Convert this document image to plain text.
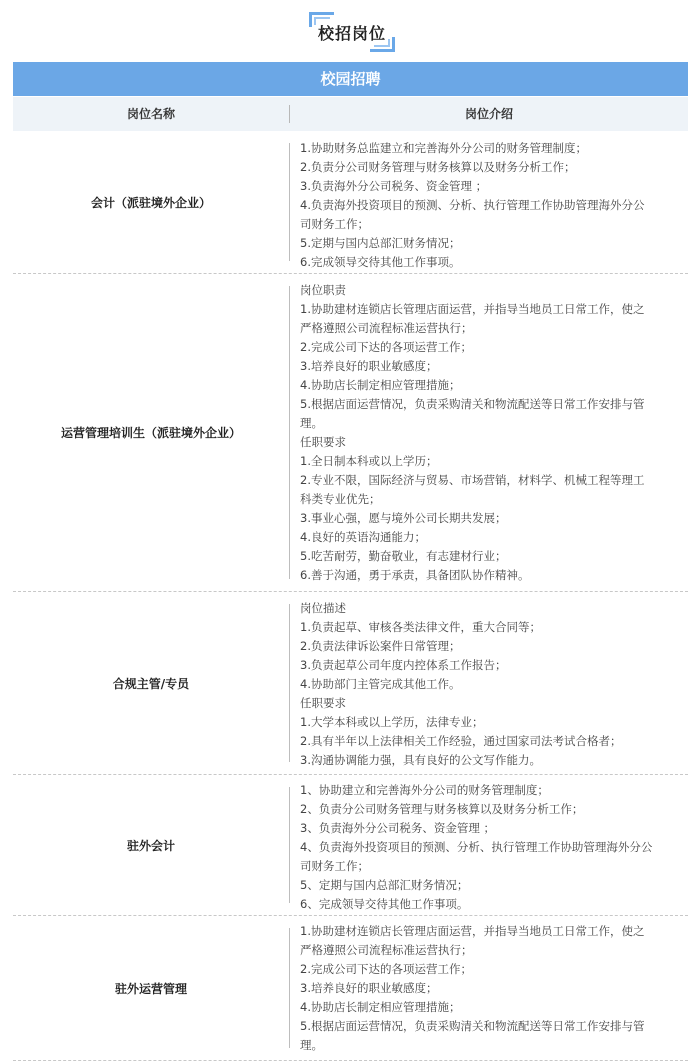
校招岗位
校园招聘
岗位名称	岗位介绍
会计（派驻境外企业）
1.协助财务总监建立和完善海外分公司的财务管理制度；
2.负责分公司财务管理与财务核算以及财务分析工作；
3.负责海外分公司税务、资金管理 ；
4.负责海外投资项目的预测、分析、执行管理工作协助管理海外分公
司财务工作；
5.定期与国内总部汇财务情况；
6.完成领导交待其他工作事项。
运营管理培训生（派驻境外企业）
岗位职责
1.协助建材连锁店长管理店面运营，并指导当地员工日常工作，使之
严格遵照公司流程标准运营执行；
2.完成公司下达的各项运营工作；
3.培养良好的职业敏感度；
4.协助店长制定相应管理措施；
5.根据店面运营情况，负责采购清关和物流配送等日常工作安排与管
理。
任职要求
1.全日制本科或以上学历；
2.专业不限，国际经济与贸易、市场营销，材料学、机械工程等理工
科类专业优先；
3.事业心强，愿与境外公司长期共发展；
4.良好的英语沟通能力；
5.吃苦耐劳，勤奋敬业，有志建材行业；
6.善于沟通，勇于承责，具备团队协作精神。
合规主管/专员
岗位描述
1.负责起草、审核各类法律文件，重大合同等；
2.负责法律诉讼案件日常管理；
3.负责起草公司年度内控体系工作报告；
4.协助部门主管完成其他工作。
任职要求
1.大学本科或以上学历，法律专业；
2.具有半年以上法律相关工作经验，通过国家司法考试合格者；
3.沟通协调能力强，具有良好的公文写作能力。
驻外会计
1、协助建立和完善海外分公司的财务管理制度；
2、负责分公司财务管理与财务核算以及财务分析工作；
3、负责海外分公司税务、资金管理 ；
4、负责海外投资项目的预测、分析、执行管理工作协助管理海外分公
司财务工作；
5、定期与国内总部汇财务情况；
6、完成领导交待其他工作事项。
驻外运营管理
1.协助建材连锁店长管理店面运营，并指导当地员工日常工作，使之
严格遵照公司流程标准运营执行；
2.完成公司下达的各项运营工作；
3.培养良好的职业敏感度；
4.协助店长制定相应管理措施；
5.根据店面运营情况，负责采购清关和物流配送等日常工作安排与管
理。
